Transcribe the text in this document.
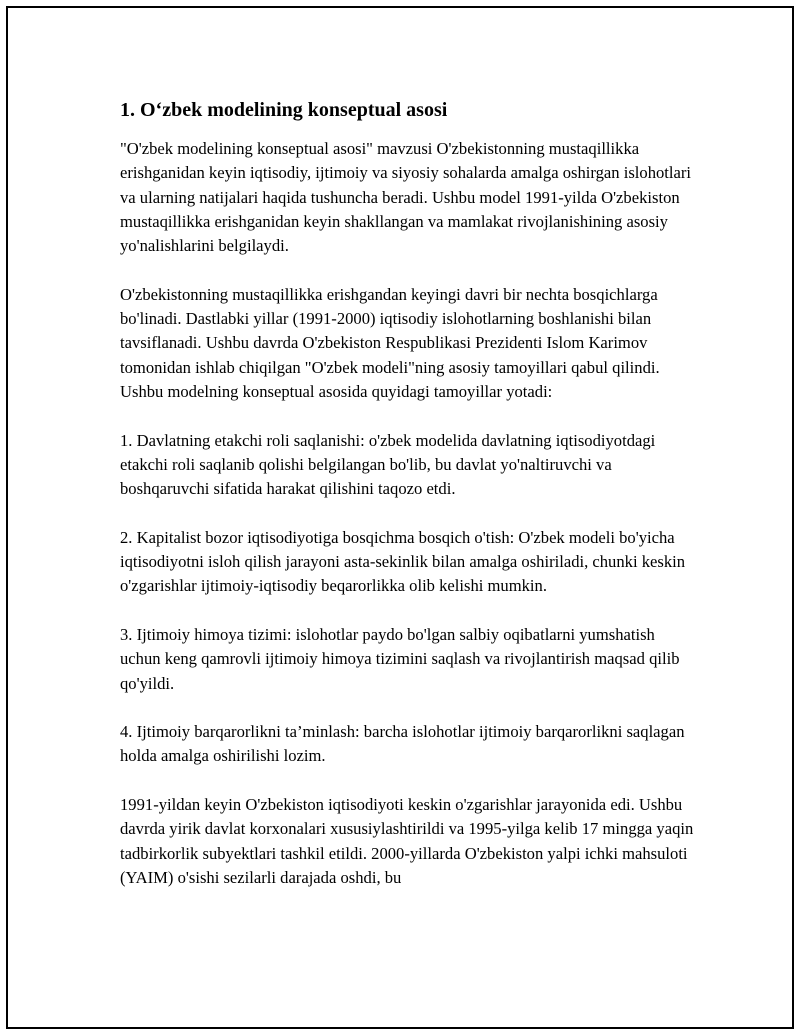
1. O‘zbek modelining konseptual asosi

"O'zbek modelining konseptual asosi" mavzusi O'zbekistonning mustaqillikka erishganidan keyin iqtisodiy, ijtimoiy va siyosiy sohalarda amalga oshirgan islohotlari va ularning natijalari haqida tushuncha beradi. Ushbu model 1991-yilda O'zbekiston mustaqillikka erishganidan keyin shakllangan va mamlakat rivojlanishining asosiy yo'nalishlarini belgilaydi.

O'zbekistonning mustaqillikka erishgandan keyingi davri bir nechta bosqichlarga bo'linadi. Dastlabki yillar (1991-2000) iqtisodiy islohotlarning boshlanishi bilan tavsiflanadi. Ushbu davrda O'zbekiston Respublikasi Prezidenti Islom Karimov tomonidan ishlab chiqilgan "O'zbek modeli"ning asosiy tamoyillari qabul qilindi. Ushbu modelning konseptual asosida quyidagi tamoyillar yotadi:

1. Davlatning etakchi roli saqlanishi: o'zbek modelida davlatning iqtisodiyotdagi etakchi roli saqlanib qolishi belgilangan bo'lib, bu davlat yo'naltiruvchi va boshqaruvchi sifatida harakat qilishini taqozo etdi.

2. Kapitalist bozor iqtisodiyotiga bosqichma bosqich o'tish: O'zbek modeli bo'yicha iqtisodiyotni isloh qilish jarayoni asta-sekinlik bilan amalga oshiriladi, chunki keskin o'zgarishlar ijtimoiy-iqtisodiy beqarorlikka olib kelishi mumkin.

3. Ijtimoiy himoya tizimi: islohotlar paydo bo'lgan salbiy oqibatlarni yumshatish uchun keng qamrovli ijtimoiy himoya tizimini saqlash va rivojlantirish maqsad qilib qo'yildi.

4. Ijtimoiy barqarorlikni ta’minlash: barcha islohotlar ijtimoiy barqarorlikni saqlagan holda amalga oshirilishi lozim.

1991-yildan keyin O'zbekiston iqtisodiyoti keskin o'zgarishlar jarayonida edi. Ushbu davrda yirik davlat korxonalari xususiylashtirildi va 1995-yilga kelib 17 mingga yaqin tadbirkorlik subyektlari tashkil etildi. 2000-yillarda O'zbekiston yalpi ichki mahsuloti (YAIM) o'sishi sezilarli darajada oshdi, bu
